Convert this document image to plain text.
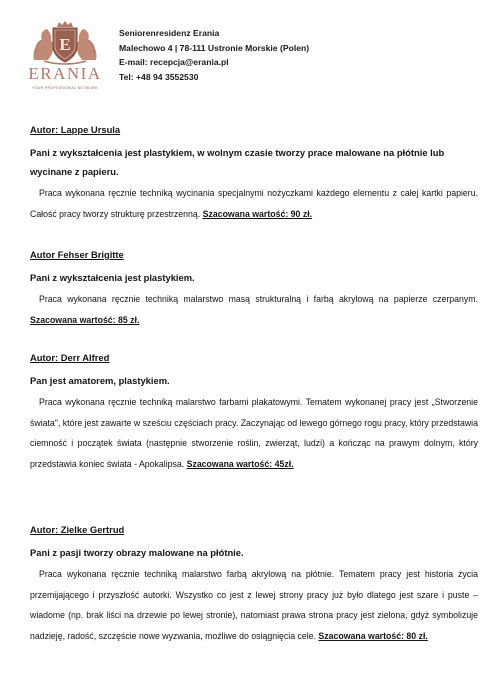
E
ERANIA
YOUR PROFESSIONAL NETWORK
Seniorenresidenz Erania
Malechowo 4 | 78-111 Ustronie Morskie (Polen)
E-mail: recepcja@erania.pl
Tel: +48 94 3552530
Autor: Lappe Ursula
Pani z wykształcenia jest plastykiem, w wolnym czasie tworzy prace malowane na płótnie lub wycinane z papieru.

Praca wykonana ręcznie techniką wycinania specjalnymi nożyczkami każdego elementu z całej kartki papieru. Całość pracy tworzy strukturę przestrzenną. Szacowana wartość: 90 zł.

Autor Fehser Brigitte
Pani z wykształcenia jest plastykiem.

Praca wykonana ręcznie techniką malarstwo masą strukturalną i farbą akrylową na papierze czerpanym. Szacowana wartość: 85 zł.

Autor: Derr Alfred
Pan jest amatorem, plastykiem.

Praca wykonana ręcznie techniką malarstwo farbami plakatowymi. Tematem wykonanej pracy jest „Stworzenie świata", które jest zawarte w sześciu częściach pracy. Zaczynając od lewego górnego rogu pracy, który przedstawia ciemność i początek świata (następnie stworzenie roślin, zwierząt, ludzi) a kończąc na prawym dolnym, który przedstawia koniec świata - Apokalipsa. Szacowana wartość: 45zł.

Autor: Zielke Gertrud
Pani z pasji tworzy obrazy malowane na płótnie.

Praca wykonana ręcznie techniką malarstwo farbą akrylową na płótnie. Tematem pracy jest historia życia przemijającego i przyszłość autorki. Wszystko co jest z lewej strony pracy już było dlatego jest szare i puste – wiadome (np. brak liści na drzewie po lewej stronie), natomiast prawa strona pracy jest zielona, gdyż symbolizuje nadzieję, radość, szczęście nowe wyzwania, możliwe do osiągnięcia cele. Szacowana wartość: 80 zł.
